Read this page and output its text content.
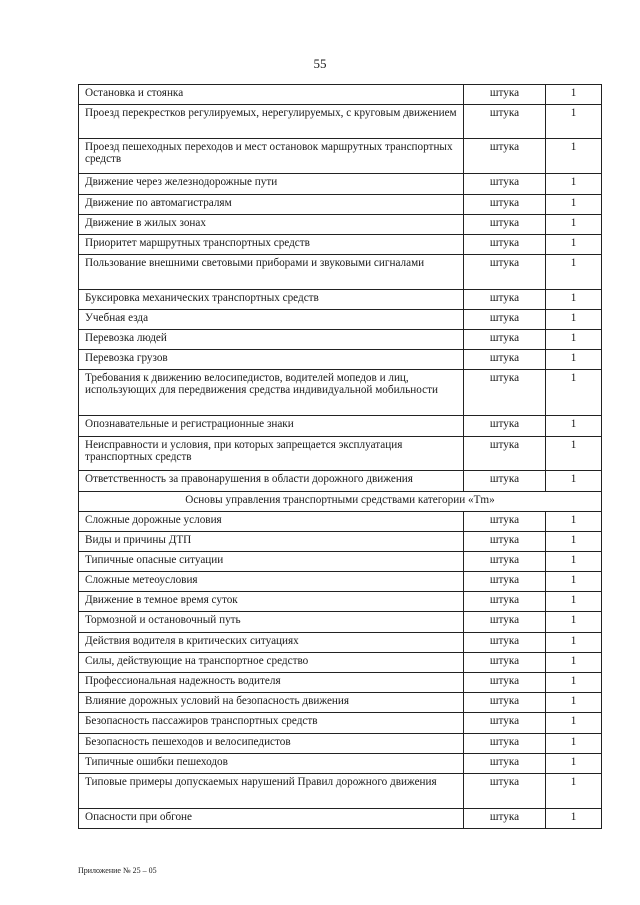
55
Остановка и стоянка	штука	1
Проезд перекрестков регулируемых, нерегулируемых, с круговым движением	штука	1
Проезд пешеходных переходов и мест остановок маршрутных транспортных средств	штука	1
Движение через железнодорожные пути	штука	1
Движение по автомагистралям	штука	1
Движение в жилых зонах	штука	1
Приоритет маршрутных транспортных средств	штука	1
Пользование внешними световыми приборами и звуковыми сигналами	штука	1
Буксировка механических транспортных средств	штука	1
Учебная езда	штука	1
Перевозка людей	штука	1
Перевозка грузов	штука	1
Требования к движению велосипедистов, водителей мопедов и лиц, использующих для передвижения средства индивидуальной мобильности	штука	1
Опознавательные и регистрационные знаки	штука	1
Неисправности и условия, при которых запрещается эксплуатация транспортных средств	штука	1
Ответственность за правонарушения в области дорожного движения	штука	1
Основы управления транспортными средствами категории «Tm»		
Сложные дорожные условия	штука	1
Виды и причины ДТП	штука	1
Типичные опасные ситуации	штука	1
Сложные метеоусловия	штука	1
Движение в темное время суток	штука	1
Тормозной и остановочный путь	штука	1
Действия водителя в критических ситуациях	штука	1
Силы, действующие на транспортное средство	штука	1
Профессиональная надежность водителя	штука	1
Влияние дорожных условий на безопасность движения	штука	1
Безопасность пассажиров транспортных средств	штука	1
Безопасность пешеходов и велосипедистов	штука	1
Типичные ошибки пешеходов	штука	1
Типовые примеры допускаемых нарушений Правил дорожного движения	штука	1
Опасности при обгоне	штука	1
Приложение № 25 – 05
